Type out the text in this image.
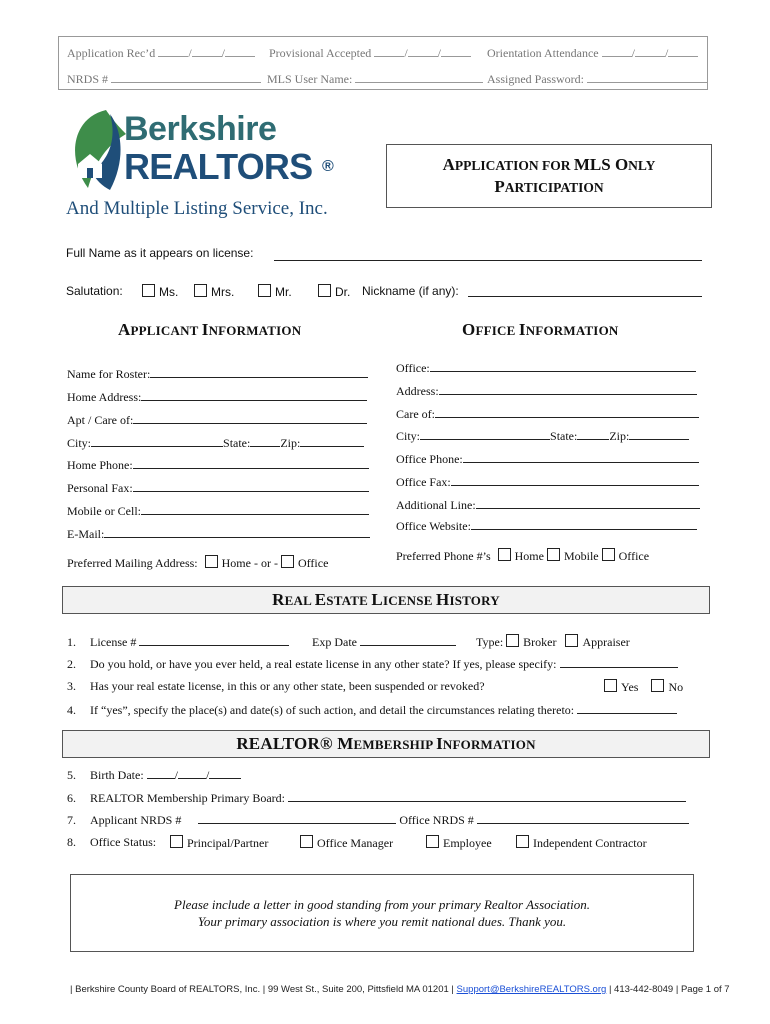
Application Rec’d	/	/	Provisional Accepted	/	/	Orientation Attendance	/	/
NRDS #	MLS User Name:	Assigned Password:
Berkshire
REALTORS ®
And Multiple Listing Service, Inc.
APPLICATION FOR MLS ONLY
PARTICIPATION
Full Name as it appears on license:
Salutation:	Ms.	Mrs.	Mr.	Dr. Nickname (if any):
APPLICANT INFORMATION	OFFICE INFORMATION
Name for Roster:
Home Address:
Apt / Care of:
City:	State:	Zip:
Home Phone:
Personal Fax:
Mobile or Cell:
E-Mail:
Preferred Mailing Address: Home - or - Office
Office:
Address:
Care of:
City:	State:	Zip:
Office Phone:
Office Fax:
Additional Line:
Office Website:
Preferred Phone #’s Home Mobile Office
REAL ESTATE LICENSE HISTORY
1. License #	Exp Date	Type: Broker Appraiser
2. Do you hold, or have you ever held, a real estate license in any other state? If yes, please specify:
3. Has your real estate license, in this or any other state, been suspended or revoked?	Yes	No
4. If “yes”, specify the place(s) and date(s) of such action, and detail the circumstances relating thereto:
REALTOR® MEMBERSHIP INFORMATION
5. Birth Date:	/ /
6. REALTOR Membership Primary Board:
7. Applicant NRDS #	Office NRDS #
8. Office Status:	Principal/Partner	Office Manager	Employee	Independent Contractor
Please include a letter in good standing from your primary Realtor Association.
Your primary association is where you remit national dues. Thank you.
| Berkshire County Board of REALTORS, Inc. | 99 West St., Suite 200, Pittsfield MA 01201 | Support@BerkshireREALTORS.org | 413-442-8049 | Page 1 of 7
